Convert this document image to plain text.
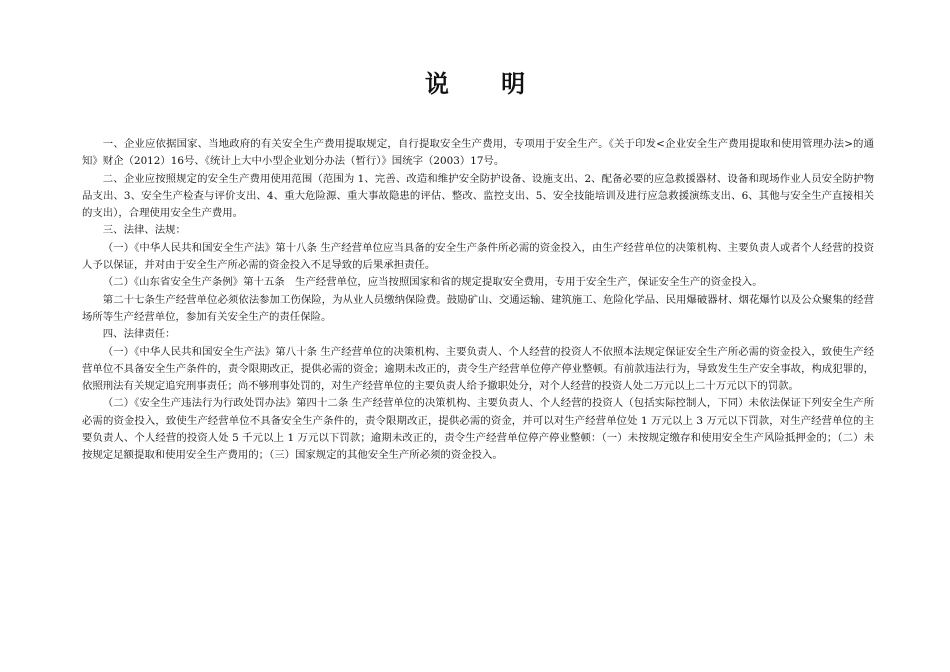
说 明

一、企业应依据国家、当地政府的有关安全生产费用提取规定，自行提取安全生产费用，专项用于安全生产。《关于印发<企业安全生产费用提取和使用管理办法>的通知》财企（2012）16号、《统计上大中小型企业划分办法（暂行）》国统字（2003）17号。

二、企业应按照规定的安全生产费用使用范围（范围为 1、完善、改造和维护安全防护设备、设施支出、2、配备必要的应急救援器材、设备和现场作业人员安全防护物品支出、3、安全生产检查与评价支出、4、重大危险源、重大事故隐患的评估、整改、监控支出、5、安全技能培训及进行应急救援演练支出、6、其他与安全生产直接相关的支出），合理使用安全生产费用。

三、法律、法规：

（一）《中华人民共和国安全生产法》第十八条 生产经营单位应当具备的安全生产条件所必需的资金投入，由生产经营单位的决策机构、主要负责人或者个人经营的投资人予以保证，并对由于安全生产所必需的资金投入不足导致的后果承担责任。

（二）《山东省安全生产条例》第十五条　生产经营单位，应当按照国家和省的规定提取安全费用，专用于安全生产，保证安全生产的资金投入。

第二十七条生产经营单位必须依法参加工伤保险，为从业人员缴纳保险费。鼓励矿山、交通运输、建筑施工、危险化学品、民用爆破器材、烟花爆竹以及公众聚集的经营场所等生产经营单位，参加有关安全生产的责任保险。

四、法律责任：

（一）《中华人民共和国安全生产法》第八十条 生产经营单位的决策机构、主要负责人、个人经营的投资人不依照本法规定保证安全生产所必需的资金投入，致使生产经营单位不具备安全生产条件的，责令限期改正，提供必需的资金；逾期未改正的，责令生产经营单位停产停业整顿。有前款违法行为，导致发生生产安全事故，构成犯罪的，依照刑法有关规定追究刑事责任；尚不够刑事处罚的，对生产经营单位的主要负责人给予撤职处分，对个人经营的投资人处二万元以上二十万元以下的罚款。

（二）《安全生产违法行为行政处罚办法》第四十二条 生产经营单位的决策机构、主要负责人、个人经营的投资人（包括实际控制人，下同）未依法保证下列安全生产所必需的资金投入，致使生产经营单位不具备安全生产条件的，责令限期改正，提供必需的资金，并可以对生产经营单位处 1 万元以上 3 万元以下罚款，对生产经营单位的主要负责人、个人经营的投资人处 5 千元以上 1 万元以下罚款；逾期未改正的，责令生产经营单位停产停业整顿：（一）未按规定缴存和使用安全生产风险抵押金的；（二）未按规定足额提取和使用安全生产费用的；（三）国家规定的其他安全生产所必须的资金投入。
